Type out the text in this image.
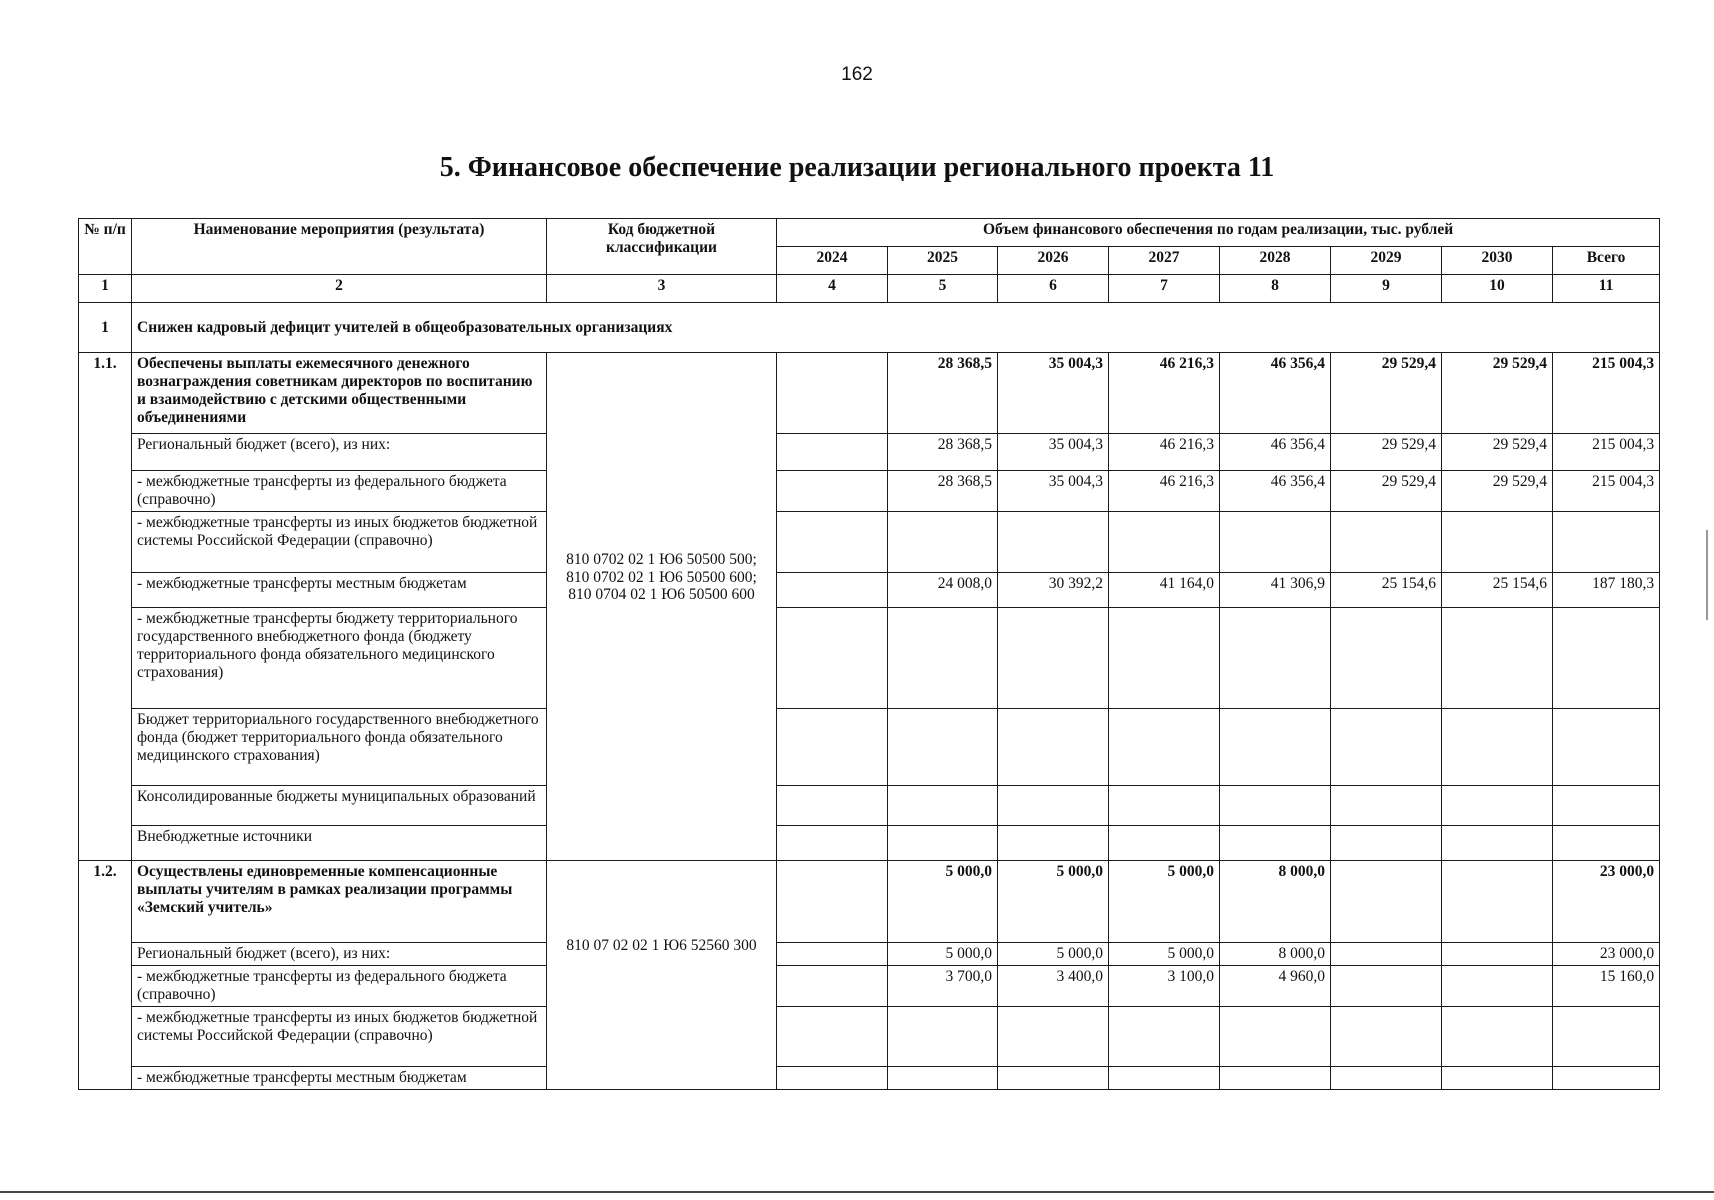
162
5. Финансовое обеспечение реализации регионального проекта 11
№ п/п	Наименование мероприятия (результата)	Код бюджетной классификации	Объем финансового обеспечения по годам реализации, тыс. рублей							
			2024	2025	2026	2027	2028	2029	2030	Всего
1	2	3	4	5	6	7	8	9	10	11
1	Снижен кадровый дефицит учителей в общеобразовательных организациях									
1.1.	Обеспечены выплаты ежемесячного денежного вознаграждения советникам директоров по воспитанию и взаимодействию с детскими общественными объединениями	810 0702 02 1 Ю6 50500 500;
810 0702 02 1 Ю6 50500 600;
810 0704 02 1 Ю6 50500 600		28 368,5	35 004,3	46 216,3	46 356,4	29 529,4	29 529,4	215 004,3
	Региональный бюджет (всего), из них:			28 368,5	35 004,3	46 216,3	46 356,4	29 529,4	29 529,4	215 004,3
	- межбюджетные трансферты из федерального бюджета (справочно)			28 368,5	35 004,3	46 216,3	46 356,4	29 529,4	29 529,4	215 004,3
	- межбюджетные трансферты из иных бюджетов бюджетной системы Российской Федерации (справочно)									
	- межбюджетные трансферты местным бюджетам			24 008,0	30 392,2	41 164,0	41 306,9	25 154,6	25 154,6	187 180,3
	- межбюджетные трансферты бюджету территориального государственного внебюджетного фонда (бюджету территориального фонда обязательного медицинского страхования)									
	Бюджет территориального государственного внебюджетного фонда (бюджет территориального фонда обязательного медицинского страхования)									
	Консолидированные бюджеты муниципальных образований									
	Внебюджетные источники									
1.2.	Осуществлены единовременные компенсационные выплаты учителям в рамках реализации программы «Земский учитель»	810 07 02 02 1 Ю6 52560 300		5 000,0	5 000,0	5 000,0	8 000,0			23 000,0
	Региональный бюджет (всего), из них:			5 000,0	5 000,0	5 000,0	8 000,0			23 000,0
	- межбюджетные трансферты из федерального бюджета (справочно)			3 700,0	3 400,0	3 100,0	4 960,0			15 160,0
	- межбюджетные трансферты из иных бюджетов бюджетной системы Российской Федерации (справочно)									
	- межбюджетные трансферты местным бюджетам									
